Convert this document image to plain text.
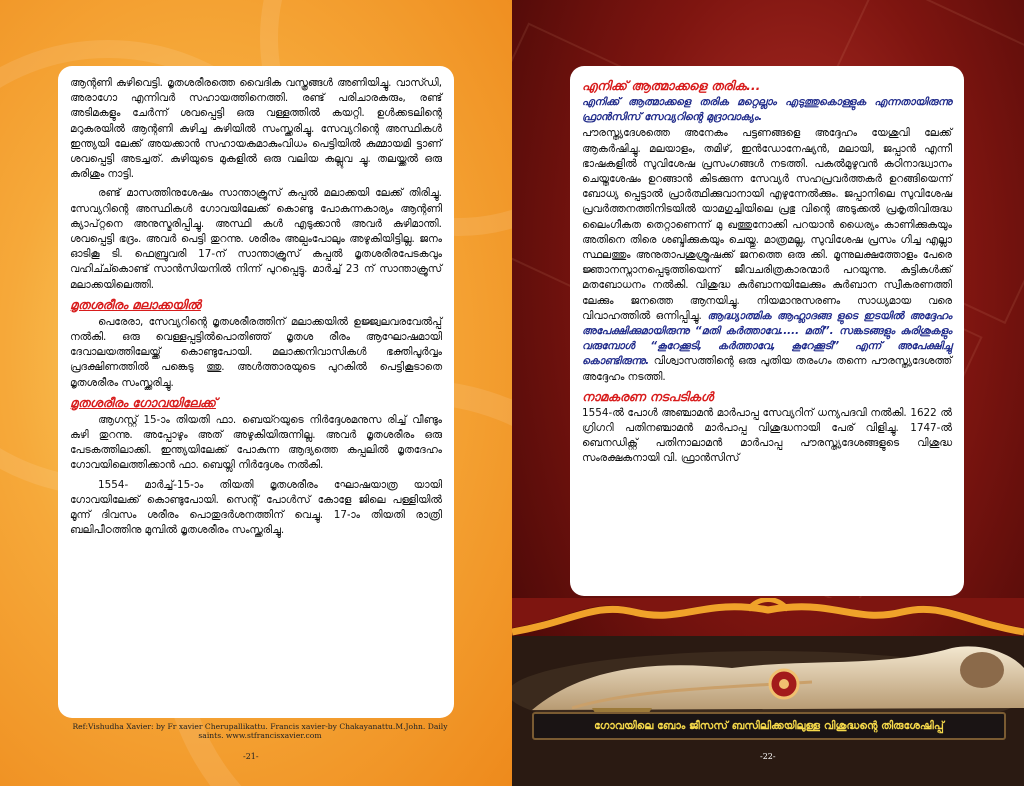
ആന്റണി കുഴിവെട്ടി. മൃതശരീരത്തെ വൈദിക വസ്ത്രങ്ങൾ അണിയിച്ചു. വാസ്ഡി, അരാഗോ എന്നിവർ സഹായത്തിനെത്തി. രണ്ട് പരിചാരകരും, രണ്ട് അടിമകളും ചേർന്ന് ശവപ്പെട്ടി ഒരു വള്ളത്തിൽ കയറ്റി. ഉൾക്കടലിന്റെ മറുകരയിൽ ആന്റണി കുഴിച്ച കുഴിയിൽ സംസ്ക്കരിച്ചു. സേവ്യറിന്റെ അസ്ഥികൾ ഇന്ത്യയി ലേക്ക് അയക്കാൻ സഹായകമാകുംവിധം പെട്ടിയിൽ കുമ്മായമി ട്ടാണ് ശവപ്പെട്ടി അടച്ചത്. കുഴിയുടെ മുകളിൽ ഒരു വലിയ കല്ലുവ ച്ചു. തലയ്ക്കൽ ഒരു കുരിശും നാട്ടി.

രണ്ട് മാസത്തിനുശേഷം സാന്താക്രൂസ് കപ്പൽ മലാക്കയി ലേക്ക് തിരിച്ചു. സേവ്യറിന്റെ അസ്ഥികൾ ഗോവയിലേക്ക് കൊണ്ടു പോകുന്നകാര്യം ആന്റണി ക്യാപ്റ്റനെ അനുസ്മരിപ്പിച്ചു. അസ്ഥി കൾ എടുക്കാൻ അവർ കുഴിമാന്തി. ശവപ്പെട്ടി ഭദ്രം. അവർ പെട്ടി തുറന്നു. ശരീരം അല്പംപോലും അഴുകിയിട്ടില്ല. ജനം ഓടികൂ ടി. ഫെബ്രുവരി 17-ന് സാന്താക്രൂസ് കപ്പൽ മൃതശരീരപേടകവും വഹിച്ച്കൊണ്ട് സാൻസിയനിൽ നിന്ന് പുറപ്പെട്ടു. മാർച്ച് 23 ന് സാന്താക്രൂസ് മലാക്കയിലെത്തി.

മൃതശരീരം മലാക്കയിൽ

പെരേരാ, സേവ്യറിന്റെ മൃതശരീരത്തിന് മലാക്കയിൽ ഉജ്ജ്വലവരവേൽപ്പ് നൽകി. ഒരു വെള്ളപ്പട്ടിൽപൊതിഞ്ഞ് മൃതശ രീരം ആഘോഷമായി ദേവാലയത്തിലേയ്ക്ക് കൊണ്ടുപോയി. മലാക്കനിവാസികൾ ഭക്തിപൂർവ്വം പ്രദക്ഷിണത്തിൽ പങ്കെടു ത്തു. അൾത്താരയുടെ പുറകിൽ പെട്ടികൂടാതെ മൃതശരീരം സംസ്ക്കരിച്ചു.

മൃതശരീരം ഗോവയിലേക്ക്

ആഗസ്റ്റ് 15-ാം തിയതി ഫാ. ബെയ്റയുടെ നിർദ്ദേശമനുസ രിച്ച് വീണ്ടും കുഴി തുറന്നു. അപ്പോഴും അത് അഴുകിയിരുന്നില്ല. അവർ മൃതശരീരം ഒരു പേടകത്തിലാക്കി. ഇന്ത്യയിലേക്ക് പോകുന്ന ആദ്യത്തെ കപ്പലിൽ മൃതദേഹം ഗോവയിലെത്തിക്കാൻ ഫാ. ബെയ്ലി നിർദ്ദേശം നൽകി.

1554- മാർച്ച്-15-ാം തിയതി മൃതശരീരം ഘോഷയാത്ര യായി ഗോവയിലേക്ക് കൊണ്ടുപോയി. സെന്റ് പോൾസ് കോളേ ജിലെ പള്ളിയിൽ മൂന്ന് ദിവസം ശരീരം പൊതുദർശനത്തിന് വെച്ചു. 17-ാം തിയതി രാത്രി ബലിപീഠത്തിനു മുമ്പിൽ മൃതശരീരം സംസ്ക്കരിച്ചു.

Ref:Vishudha Xavier: by Fr xavier Cherupallikattu. Francis xavier-by Chakayanattu.M.John. Daily saints. www.stfrancisxavier.com
-21-
എനിക്ക് ആത്മാക്കളെ തരിക...

എനിക്ക് ആത്മാക്കളെ തരിക മറ്റെല്ലാം എടുത്തുകൊള്ളുക എന്നതായിരുന്നു ഫ്രാൻസിസ് സേവ്യറിന്റെ മുദ്രാവാക്യം.

പൗരസ്ത്യദേശത്തെ അനേകം പട്ടണങ്ങളെ അദ്ദേഹം യേശുവി ലേക്ക് ആകർഷിച്ചു. മലയാളം, തമിഴ്, ഇൻഡോനേഷ്യൻ, മലായി, ജപ്പാൻ എന്നീ ഭാഷകളിൽ സുവിശേഷ പ്രസംഗങ്ങൾ നടത്തി. പകൽമുഴുവൻ കഠിനാദ്ധ്വാനം ചെയ്തശേഷം ഉറങ്ങാൻ കിടക്കുന്ന സേവ്യർ സഹപ്രവർത്തകർ ഉറങ്ങിയെന്ന് ബോധ്യ പ്പെട്ടാൽ പ്രാർത്ഥിക്കുവാനായി എഴുന്നേൽക്കും. ജപ്പാനിലെ സുവിശേഷ പ്രവർത്തനത്തിനിടയിൽ യാമഗുച്ചിയിലെ പ്രഭു വിന്റെ അടുക്കൽ പ്രകൃതിവിരുദ്ധ ലൈംഗീകത തെറ്റാണെന്ന് മു ഖത്തുനോക്കി പറയാൻ ധൈര്യം കാണിക്കുകയും അതിനെ തിരെ ശബ്ദിക്കുകയും ചെയ്തു. മാത്രമല്ല, സുവിശേഷ പ്രസം ഗിച്ച എല്ലാ സ്ഥലത്തും അനുതാപശുശ്രൂഷക്ക് ജനത്തെ ഒരു ക്കി. മൂന്നുലക്ഷത്തോളം പേരെ ജ്ഞാനസ്നാനപ്പെടുത്തിയെന്ന് ജീവചരിത്രകാരന്മാർ പറയുന്നു. കുട്ടികൾക്ക് മതബോധനം നൽകി. വിശുദ്ധ കുർബാനയിലേക്കും കുർബാന സ്വീകരണത്തി ലേക്കും ജനത്തെ ആനയിച്ചു. നിയമാനുസരണം സാധ്യമായ വരെ വിവാഹത്തിൽ ഒന്നിപ്പിച്ചു. ആദ്ധ്യാത്മിക ആഹ്ലാദങ്ങ ളുടെ ഇടയിൽ അദ്ദേഹം അപേക്ഷിക്കുമായിരുന്നു “മതി കർത്താവേ..... മതി”. സങ്കടങ്ങളും കുരിശുകളും വരുമ്പോൾ “കൂറേക്കൂടി, കർത്താവേ, കൂറേക്കൂടി” എന്ന് അപേക്ഷിച്ചു കൊണ്ടിരുന്നു. വിശ്വാസത്തിന്റെ ഒരു പുതിയ തരംഗം തന്നെ പൗരസ്ത്യദേശത്ത് അദ്ദേഹം നടത്തി.

നാമകരണ നടപടികൾ

1554-ൽ പോൾ അഞ്ചാമൻ മാർപാപ്പ സേവ്യറിന് ധന്യപദവി നൽകി. 1622 ൽ ഗ്രിഗറി പതിനഞ്ചാമൻ മാർപാപ്പ വിശുദ്ധനായി പേര് വിളിച്ചു. 1747-ൽ ബെനഡിക്റ്റ് പതിനാലാമൻ മാർപാപ്പ പൗരസ്ത്യദേശങ്ങളുടെ വിശുദ്ധ സംരക്ഷകനായി വി. ഫ്രാൻസിസ്

ഗോവയിലെ ബോം ജീസസ് ബസിലിക്കയിലുള്ള വിശുദ്ധന്റെ തിരുശേഷിപ്പ്
-22-
